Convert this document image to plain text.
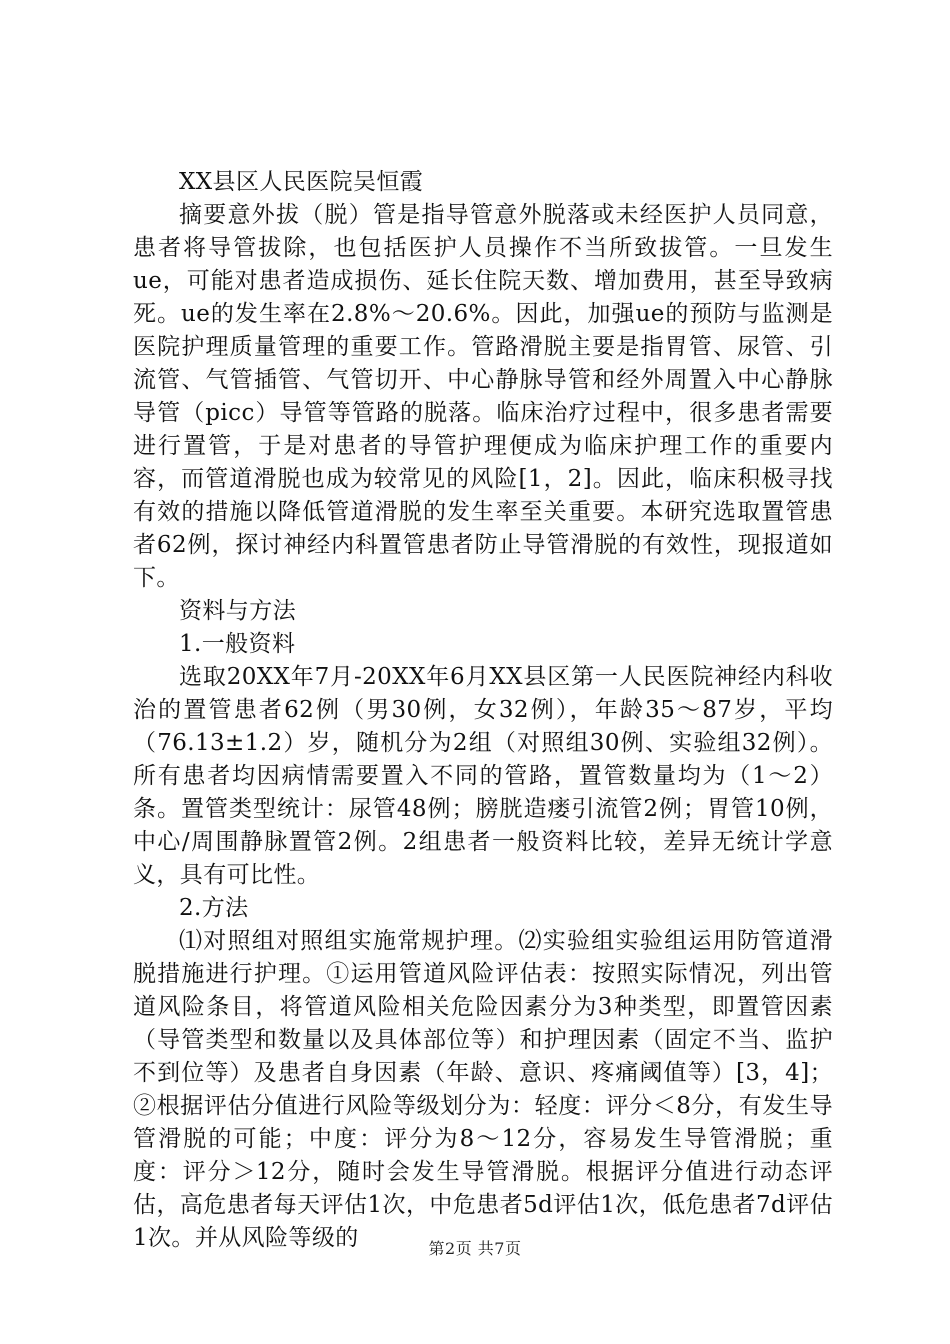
XX县区人民医院吴恒霞

摘要意外拔（脱）管是指导管意外脱落或未经医护人员同意，患者将导管拔除，也包括医护人员操作不当所致拔管。一旦发生ue，可能对患者造成损伤、延长住院天数、增加费用，甚至导致病死。ue的发生率在2.8%～20.6%。因此，加强ue的预防与监测是医院护理质量管理的重要工作。管路滑脱主要是指胃管、尿管、引流管、气管插管、气管切开、中心静脉导管和经外周置入中心静脉导管（picc）导管等管路的脱落。临床治疗过程中，很多患者需要进行置管，于是对患者的导管护理便成为临床护理工作的重要内容，而管道滑脱也成为较常见的风险[1，2]。因此，临床积极寻找有效的措施以降低管道滑脱的发生率至关重要。本研究选取置管患者62例，探讨神经内科置管患者防止导管滑脱的有效性，现报道如下。

资料与方法

1.一般资料

选取20XX年7月-20XX年6月XX县区第一人民医院神经内科收治的置管患者62例（男30例，女32例），年龄35～87岁，平均（76.13±1.2）岁，随机分为2组（对照组30例、实验组32例）。所有患者均因病情需要置入不同的管路，置管数量均为（1～2）条。置管类型统计：尿管48例；膀胱造瘘引流管2例；胃管10例，中心/周围静脉置管2例。2组患者一般资料比较，差异无统计学意义，具有可比性。

2.方法

⑴对照组对照组实施常规护理。⑵实验组实验组运用防管道滑脱措施进行护理。①运用管道风险评估表：按照实际情况，列出管道风险条目，将管道风险相关危险因素分为3种类型，即置管因素（导管类型和数量以及具体部位等）和护理因素（固定不当、监护不到位等）及患者自身因素（年龄、意识、疼痛阈值等）[3，4]；②根据评估分值进行风险等级划分为：轻度：评分＜8分，有发生导管滑脱的可能；中度：评分为8～12分，容易发生导管滑脱；重度：评分＞12分，随时会发生导管滑脱。根据评分值进行动态评估，高危患者每天评估1次，中危患者5d评估1次，低危患者7d评估1次。并从风险等级的	第2页 共7页
